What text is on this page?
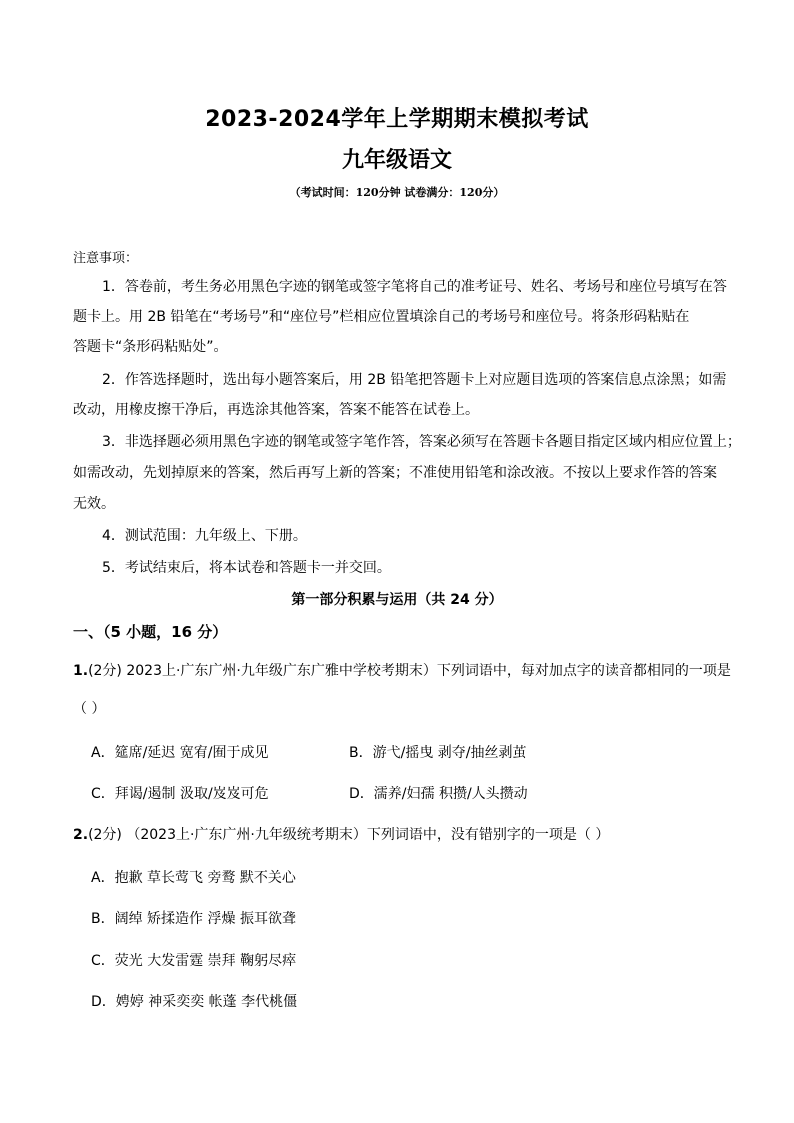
2023-2024学年上学期期末模拟考试
九年级语文
（考试时间：120分钟 试卷满分：120分）
注意事项：
1．答卷前，考生务必用黑色字迹的钢笔或签字笔将自己的准考证号、姓名、考场号和座位号填写在答
题卡上。用 2B 铅笔在“考场号”和“座位号”栏相应位置填涂自己的考场号和座位号。将条形码粘贴在
答题卡“条形码粘贴处”。
2．作答选择题时，选出每小题答案后，用 2B 铅笔把答题卡上对应题目选项的答案信息点涂黑；如需
改动，用橡皮擦干净后，再选涂其他答案，答案不能答在试卷上。
3．非选择题必须用黑色字迹的钢笔或签字笔作答，答案必须写在答题卡各题目指定区域内相应位置上；
如需改动，先划掉原来的答案，然后再写上新的答案；不准使用铅笔和涂改液。不按以上要求作答的答案
无效。
4．测试范围：九年级上、下册。
5．考试结束后，将本试卷和答题卡一并交回。
第一部分积累与运用（共 24 分）
一、（5 小题，16 分）
1.(2分) 2023上·广东广州·九年级广东广雅中学校考期末）下列词语中，每对加点字的读音都相同的一项是
（ ）
A．筵席/延迟 宽宥/囿于成见	B．游弋/摇曳 剥夺/抽丝剥茧
C．拜谒/遏制 汲取/岌岌可危	D．濡养/妇孺 积攒/人头攒动
2.(2分) （2023上·广东广州·九年级统考期末）下列词语中，没有错别字的一项是（ ）
A．抱歉 草长莺飞 旁鹜 默不关心
B．阔绰 矫揉造作 浮燥 振耳欲聋
C．荧光 大发雷霆 崇拜 鞠躬尽瘁
D．娉婷 神采奕奕 帐蓬 李代桃僵
